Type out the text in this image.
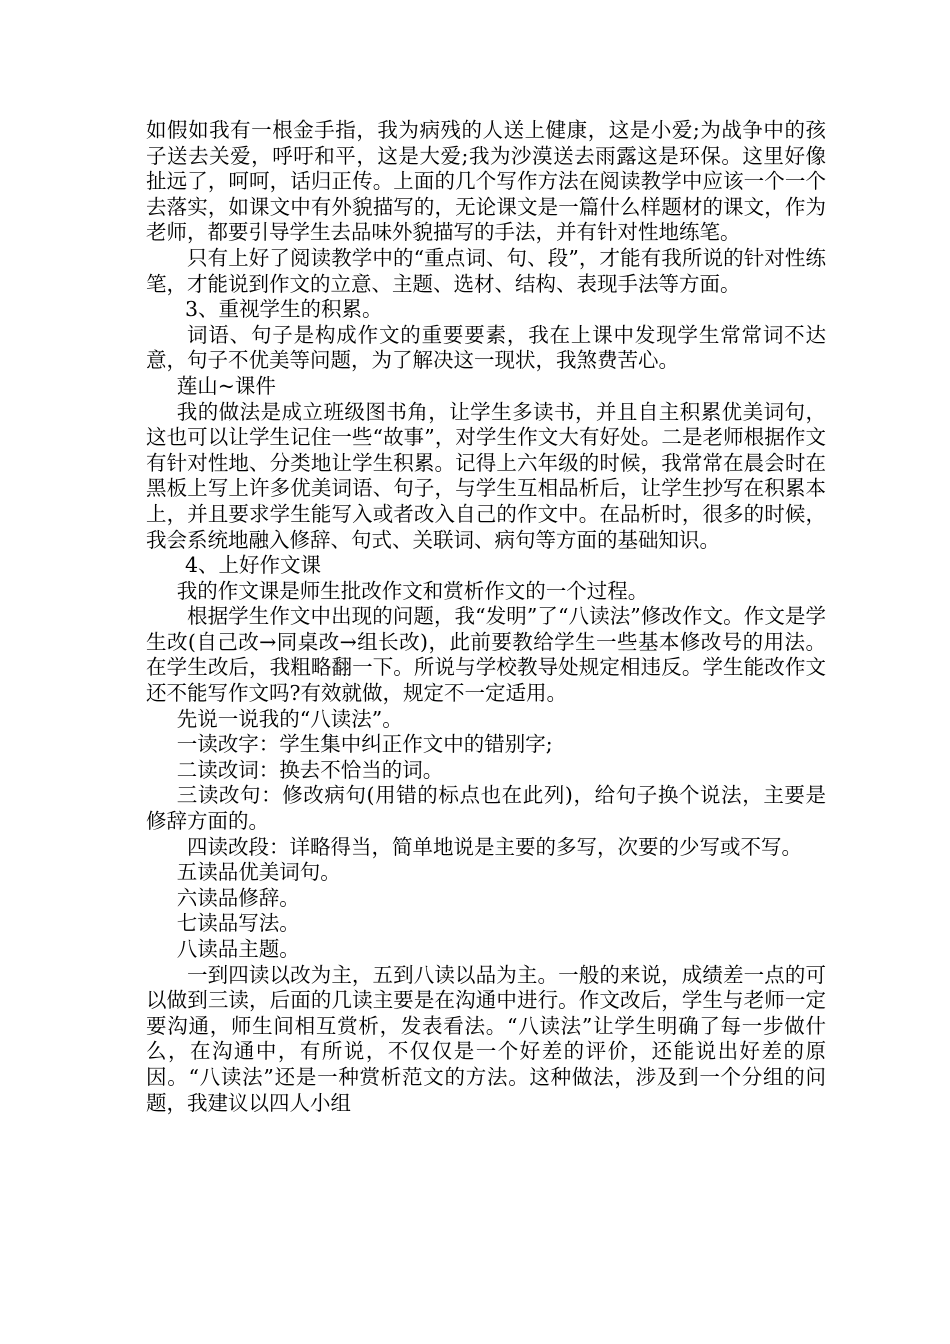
如假如我有一根金手指，我为病残的人送上健康，这是小爱;为战争中的孩子送去关爱，呼吁和平，这是大爱;我为沙漠送去雨露这是环保。这里好像扯远了，呵呵，话归正传。上面的几个写作方法在阅读教学中应该一个一个去落实，如课文中有外貌描写的，无论课文是一篇什么样题材的课文，作为老师，都要引导学生去品味外貌描写的手法，并有针对性地练笔。

只有上好了阅读教学中的“重点词、句、段”，才能有我所说的针对性练笔，才能说到作文的立意、主题、选材、结构、表现手法等方面。

3、重视学生的积累。

词语、句子是构成作文的重要要素，我在上课中发现学生常常词不达意，句子不优美等问题，为了解决这一现状，我煞费苦心。

莲山~课件

我的做法是成立班级图书角，让学生多读书，并且自主积累优美词句，这也可以让学生记住一些“故事”，对学生作文大有好处。二是老师根据作文有针对性地、分类地让学生积累。记得上六年级的时候，我常常在晨会时在黑板上写上许多优美词语、句子，与学生互相品析后，让学生抄写在积累本上，并且要求学生能写入或者改入自己的作文中。在品析时，很多的时候，我会系统地融入修辞、句式、关联词、病句等方面的基础知识。

4、上好作文课

我的作文课是师生批改作文和赏析作文的一个过程。

根据学生作文中出现的问题，我“发明”了“八读法”修改作文。作文是学生改(自己改→同桌改→组长改)，此前要教给学生一些基本修改号的用法。在学生改后，我粗略翻一下。所说与学校教导处规定相违反。学生能改作文还不能写作文吗?有效就做，规定不一定适用。

先说一说我的“八读法”。

一读改字：学生集中纠正作文中的错别字;

二读改词：换去不恰当的词。

三读改句：修改病句(用错的标点也在此列)，给句子换个说法，主要是修辞方面的。

四读改段：详略得当，简单地说是主要的多写，次要的少写或不写。

五读品优美词句。

六读品修辞。

七读品写法。

八读品主题。

一到四读以改为主，五到八读以品为主。一般的来说，成绩差一点的可以做到三读，后面的几读主要是在沟通中进行。作文改后，学生与老师一定要沟通，师生间相互赏析，发表看法。“八读法”让学生明确了每一步做什么，在沟通中，有所说，不仅仅是一个好差的评价，还能说出好差的原因。“八读法”还是一种赏析范文的方法。这种做法，涉及到一个分组的问题，我建议以四人小组
